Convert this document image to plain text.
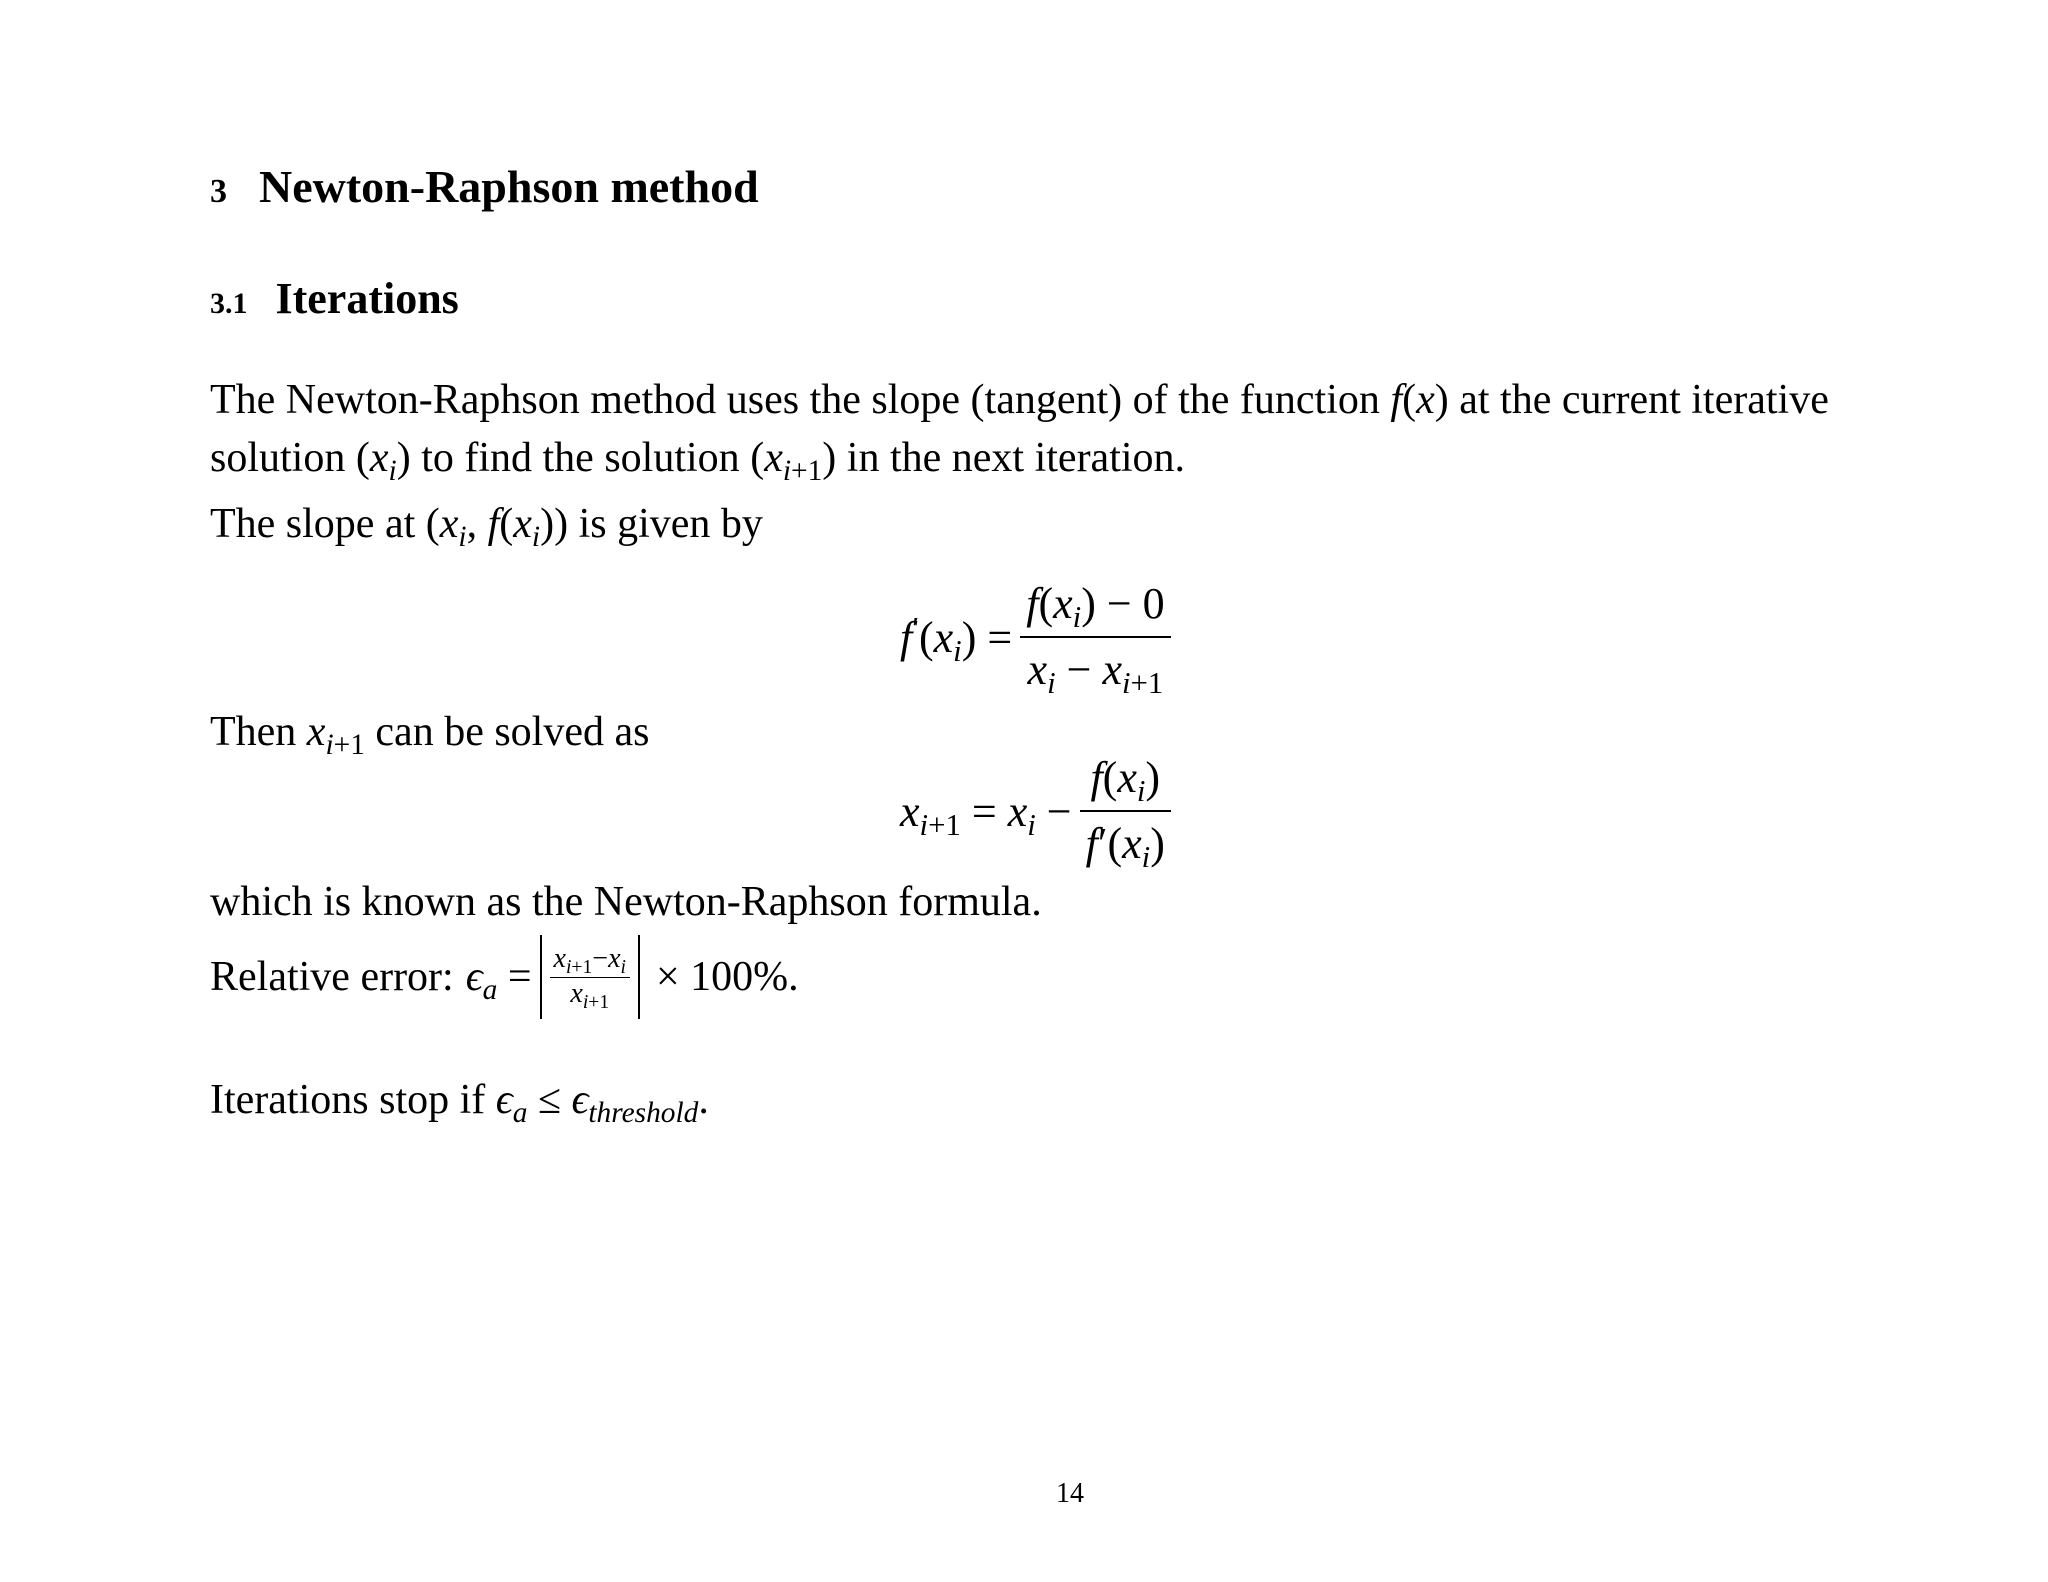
3 Newton-Raphson method
3.1 Iterations
The Newton-Raphson method uses the slope (tangent) of the function f(x) at the current iterative
solution $(x_i)$ to find the solution $(x_{i+1})$ in the next iteration.
The slope at ($x_i$, $f(x_i)$) is given by
$f'(x_i) = \frac{f(x_i) - 0}{x_i - x_{i+1}}$
Then $x_{i+1}$ can be solved as
$x_{i+1} = x_i - \frac{f(x_i)}{f'(x_i)}$
which is known as the Newton-Raphson formula.
Relative error: $\epsilon_a = \frac{x_{i+1}-x_i}{x_{i+1}} \times 100\%$.
Iterations stop if $\epsilon_a \le \epsilon_{threshold}$.
14
